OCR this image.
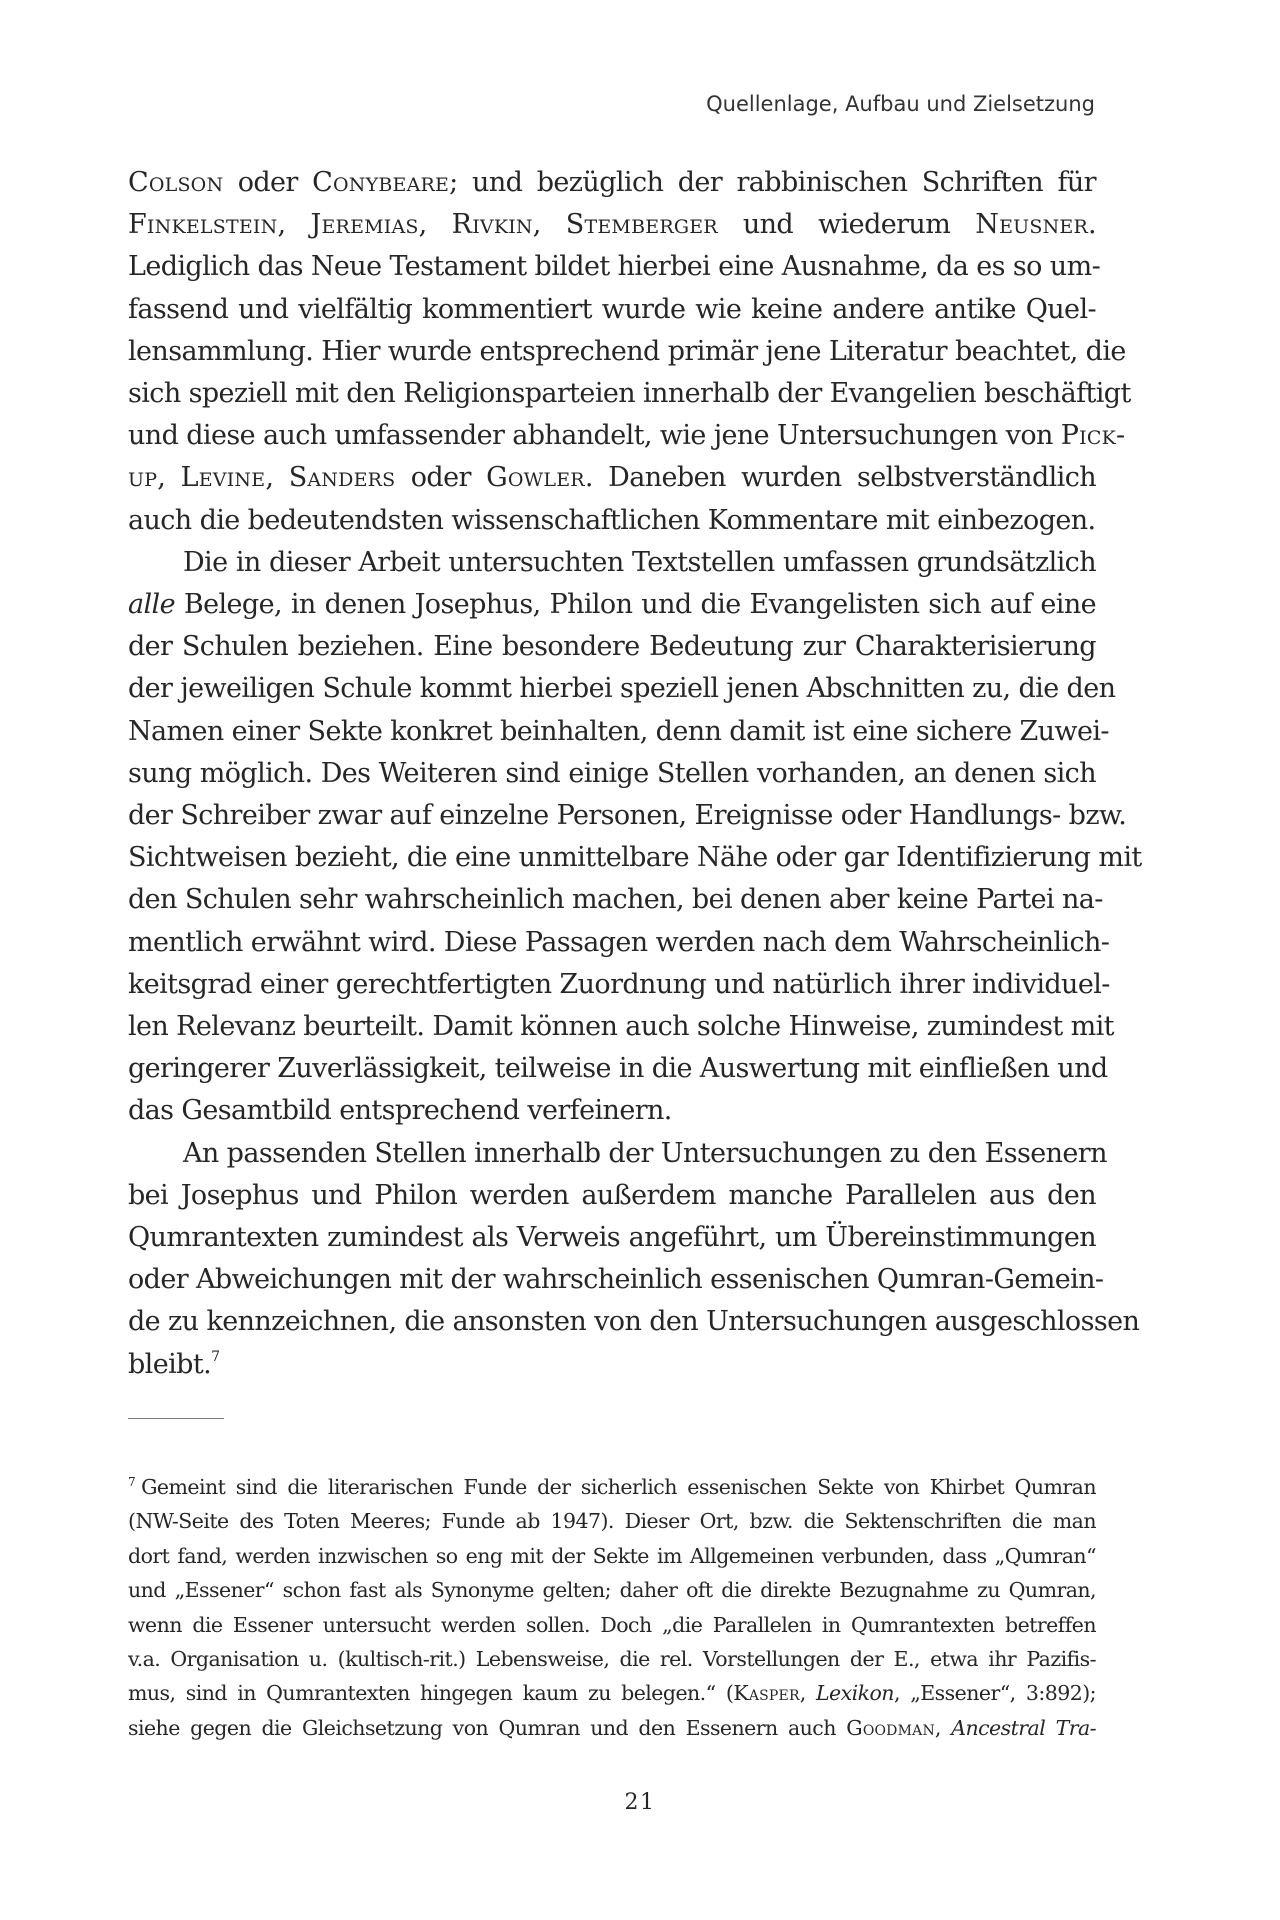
Quellenlage, Aufbau und Zielsetzung

Colson oder Conybeare; und bezüglich der rabbinischen Schriften für
Finkelstein, Jeremias, Rivkin, Stemberger und wiederum Neusner.
Lediglich das Neue Testament bildet hierbei eine Ausnahme, da es so um-
fassend und vielfältig kommentiert wurde wie keine andere antike Quel-
lensammlung. Hier wurde entsprechend primär jene Literatur beachtet, die
sich speziell mit den Religionsparteien innerhalb der Evangelien beschäftigt
und diese auch umfassender abhandelt, wie jene Untersuchungen von Pick-
up, Levine, Sanders oder Gowler. Daneben wurden selbstverständlich
auch die bedeutendsten wissenschaftlichen Kommentare mit einbezogen.

Die in dieser Arbeit untersuchten Textstellen umfassen grundsätzlich
alle Belege, in denen Josephus, Philon und die Evangelisten sich auf eine
der Schulen beziehen. Eine besondere Bedeutung zur Charakterisierung
der jeweiligen Schule kommt hierbei speziell jenen Abschnitten zu, die den
Namen einer Sekte konkret beinhalten, denn damit ist eine sichere Zuwei-
sung möglich. Des Weiteren sind einige Stellen vorhanden, an denen sich
der Schreiber zwar auf einzelne Personen, Ereignisse oder Handlungs- bzw.
Sichtweisen bezieht, die eine unmittelbare Nähe oder gar Identifizierung mit
den Schulen sehr wahrscheinlich machen, bei denen aber keine Partei na-
mentlich erwähnt wird. Diese Passagen werden nach dem Wahrscheinlich-
keitsgrad einer gerechtfertigten Zuordnung und natürlich ihrer individuel-
len Relevanz beurteilt. Damit können auch solche Hinweise, zumindest mit
geringerer Zuverlässigkeit, teilweise in die Auswertung mit einfließen und
das Gesamtbild entsprechend verfeinern.

An passenden Stellen innerhalb der Untersuchungen zu den Essenern
bei Josephus und Philon werden außerdem manche Parallelen aus den
Qumrantexten zumindest als Verweis angeführt, um Übereinstimmungen
oder Abweichungen mit der wahrscheinlich essenischen Qumran-Gemein-
de zu kennzeichnen, die ansonsten von den Untersuchungen ausgeschlossen
bleibt.$^7$

$^7$ Gemeint sind die literarischen Funde der sicherlich essenischen Sekte von Khirbet Qumran
(NW-Seite des Toten Meeres; Funde ab 1947). Dieser Ort, bzw. die Sektenschriften die man
dort fand, werden inzwischen so eng mit der Sekte im Allgemeinen verbunden, dass „Qumran“
und „Essener“ schon fast als Synonyme gelten; daher oft die direkte Bezugnahme zu Qumran,
wenn die Essener untersucht werden sollen. Doch „die Parallelen in Qumrantexten betreffen
v.a. Organisation u. (kultisch-rit.) Lebensweise, die rel. Vorstellungen der E., etwa ihr Pazifis-
mus, sind in Qumrantexten hingegen kaum zu belegen.“ (Kasper, Lexikon, „Essener“, 3:892);
siehe gegen die Gleichsetzung von Qumran und den Essenern auch Goodman, Ancestral Tra-

21
